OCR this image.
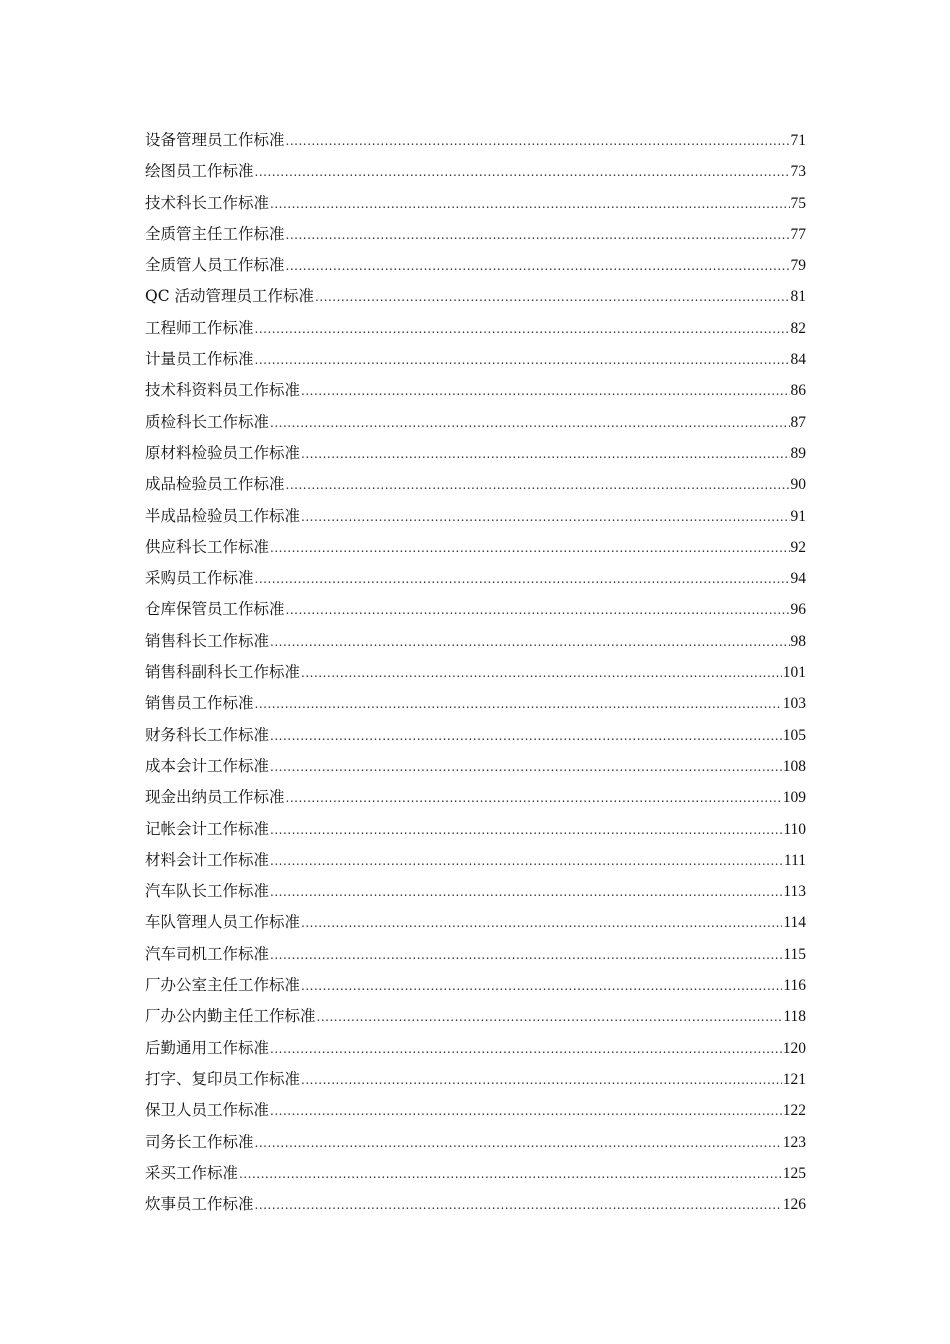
设备管理员工作标准 .....	71
绘图员工作标准 .....	73
技术科长工作标准 .....	75
全质管主任工作标准 .....	77
全质管人员工作标准 .....	79
QC 活动管理员工作标准 .....	81
工程师工作标准 .....	82
计量员工作标准 .....	84
技术科资料员工作标准 .....	86
质检科长工作标准 .....	87
原材料检验员工作标准 .....	89
成品检验员工作标准 .....	90
半成品检验员工作标准 .....	91
供应科长工作标准 .....	92
采购员工作标准 .....	94
仓库保管员工作标准 .....	96
销售科长工作标准 .....	98
销售科副科长工作标准 .....	101
销售员工作标准 .....	103
财务科长工作标准 .....	105
成本会计工作标准 .....	108
现金出纳员工作标准 .....	109
记帐会计工作标准 .....	110
材料会计工作标准 .....	111
汽车队长工作标准 .....	113
车队管理人员工作标准 .....	114
汽车司机工作标准 .....	115
厂办公室主任工作标准 .....	116
厂办公内勤主任工作标准 .....	118
后勤通用工作标准 .....	120
打字、复印员工作标准 .....	121
保卫人员工作标准 .....	122
司务长工作标准 .....	123
采买工作标准 .....	125
炊事员工作标准 .....	126
